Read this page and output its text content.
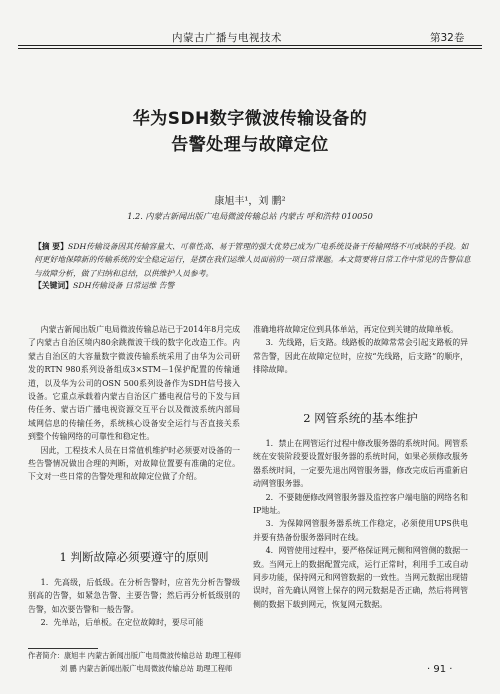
内蒙古广播与电视技术	第32卷
华为SDH数字微波传输设备的
告警处理与故障定位
康旭丰¹，刘 鹏²
1.2. 内蒙古新闻出版广电局微波传输总站 内蒙古 呼和浩特 010050
【摘 要】SDH传输设备因其传输容量大、可靠性高、易于管理的强大优势已成为广电系统设备干传输网络不可或缺的手段。如何更好地保障新的传输系统的安全稳定运行，是摆在我们运维人员面前的一项日常课题。本文简要将日常工作中常见的告警信息与故障分析，做了归纳和总结，以供维护人员参考。
【关键词】SDH传输设备 日常运维 告警

内蒙古新闻出版广电局微波传输总站已于2014年8月完成了内蒙古自治区境内80余跳微波干线的数字化改造工作。内蒙古自治区的大容量数字微波传输系统采用了由华为公司研发的RTN 980系列设备组成3×STM－1保护配置的传输通道，以及华为公司的OSN 500系列设备作为SDH信号接入设备。它重点承载着内蒙古自治区广播电视信号的下发与回传任务、蒙古语广播电视资源交互平台以及微波系统内部局域网信息的传输任务，系统核心设备安全运行与否直接关系到整个传输网络的可靠性和稳定性。

因此，工程技术人员在日常值机维护时必须要对设备的一些告警情况做出合理的判断，对故障位置要有准确的定位。下文对一些日常的告警处理和故障定位做了介绍。

1 判断故障必须要遵守的原则

1．先高级，后低级。在分析告警时，应首先分析告警级别高的告警，如紧急告警、主要告警；然后再分析低级别的告警，如次要告警和一般告警。

2．先单站，后单板。在定位故障时，要尽可能

准确地将故障定位到具体单站，再定位到关键的故障单板。

3．先线路，后支路。线路板的故障常常会引起支路板的异常告警，因此在故障定位时，应按“先线路，后支路”的顺序，排除故障。

2 网管系统的基本维护

1．禁止在网管运行过程中修改服务器的系统时间。网管系统在安装阶段要设置好服务器的系统时间，如果必须修改服务器系统时间，一定要先退出网管服务器，修改完成后再重新启动网管服务器。

2．不要随便修改网管服务器及监控客户端电脑的网络名和IP地址。

3．为保障网管服务器系统工作稳定，必须使用UPS供电并要有热备份服务器同时在线。

4．网管使用过程中，要严格保证网元侧和网管侧的数据一致。当网元上的数据配置完成，运行正常时，利用手工或自动同步功能，保持网元和网管数据的一致性。当网元数据出现错误时，首先确认网管上保存的网元数据是否正确，然后将网管侧的数据下载到网元，恢复网元数据。

作者简介：康旭丰 内蒙古新闻出版广电局微波传输总站 助理工程师
刘 鹏 内蒙古新闻出版广电局微波传输总站 助理工程师	· 91 ·
